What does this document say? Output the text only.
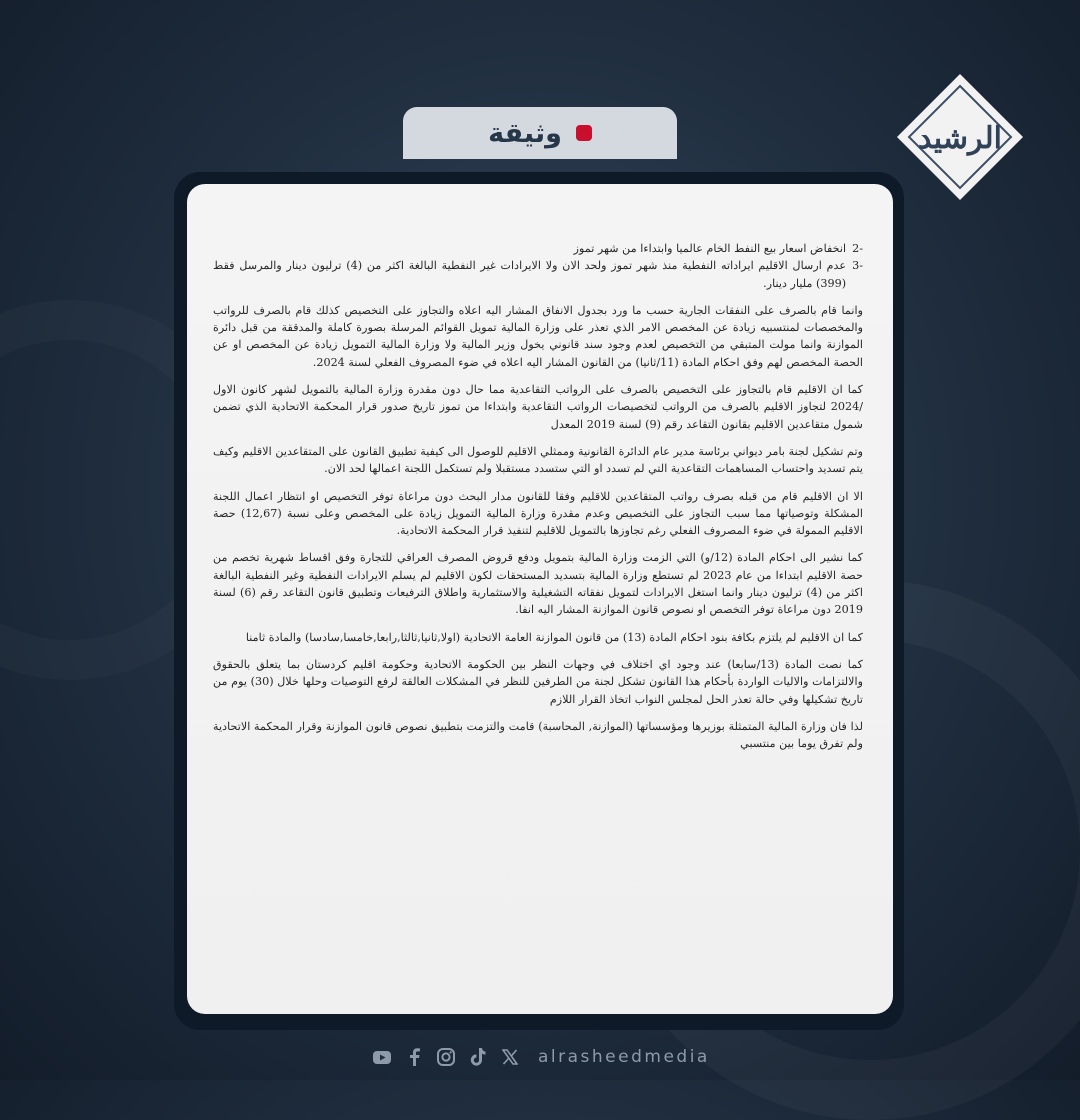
وثيقة	الرشيد
-2
انخفاض اسعار بيع النفط الخام عالميا وابتداءا من شهر تموز
-3
عدم ارسال الاقليم ايراداته النفطية منذ شهر تموز ولحد الان ولا الايرادات غير النفطية البالغة اكثر من (4) ترليون دينار والمرسل فقط (399) مليار دينار.

وانما قام بالصرف على النفقات الجارية حسب ما ورد بجدول الانفاق المشار اليه اعلاه والتجاوز على التخصيص كذلك قام بالصرف للرواتب والمخصصات لمنتسبيه زيادة عن المخصص الامر الذي تعذر على وزارة المالية تمويل القوائم المرسلة بصورة كاملة والمدققة من قبل دائرة الموازنة وانما مولت المتبقي من التخصيص لعدم وجود سند قانوني يخول وزير المالية ولا وزارة المالية التمويل زيادة عن المخصص او عن الحصة المخصص لهم وفق احكام المادة (11/ثانيا) من القانون المشار اليه اعلاه في ضوء المصروف الفعلي لسنة 2024.

كما ان الاقليم قام بالتجاوز على التخصيص بالصرف على الرواتب التقاعدية مما حال دون مقدرة وزارة المالية بالتمويل لشهر كانون الاول /2024 لتجاوز الاقليم بالصرف من الرواتب لتخصيصات الرواتب التقاعدية وابتداءا من تموز تاريخ صدور قرار المحكمة الاتحادية الذي تضمن شمول متقاعدين الاقليم بقانون التقاعد رقم (9) لسنة 2019 المعدل

وتم تشكيل لجنة بامر ديواني برئاسة مدير عام الدائرة القانونية وممثلي الاقليم للوصول الى كيفية تطبيق القانون على المتقاعدين الاقليم وكيف يتم تسديد واحتساب المساهمات التقاعدية التي لم تسدد او التي ستسدد مستقبلا ولم تستكمل اللجنة اعمالها لحد الان.

الا ان الاقليم قام من قبله بصرف رواتب المتقاعدين للاقليم وفقا للقانون مدار البحث دون مراعاة توفر التخصيص او انتظار اعمال اللجنة المشكلة وتوصياتها مما سبب التجاوز على التخصيص وعدم مقدرة وزارة المالية التمويل زيادة على المخصص وعلى نسبة (12,67) حصة الاقليم الممولة في ضوء المصروف الفعلي رغم تجاوزها بالتمويل للاقليم لتنفيذ قرار المحكمة الاتحادية.

كما نشير الى احكام المادة (12/و) التي الزمت وزارة المالية بتمويل ودفع قروض المصرف العراقي للتجارة وفق اقساط شهرية تخصم من حصة الاقليم ابتداءا من عام 2023 لم تستطع وزارة المالية بتسديد المستحقات لكون الاقليم لم يسلم الايرادات النفطية وغير النفطية البالغة اكثر من (4) ترليون دينار وانما استغل الايرادات لتمويل نفقاته التشغيلية والاستثمارية واطلاق الترفيعات وتطبيق قانون التقاعد رقم (6) لسنة 2019 دون مراعاة توفر التخصص او نصوص قانون الموازنة المشار اليه انفا.

كما ان الاقليم لم يلتزم بكافة بنود احكام المادة (13) من قانون الموازنة العامة الاتحادية (اولا,ثانيا,ثالثا,رابعا,خامسا,سادسا) والمادة ثامنا

كما نصت المادة (13/سابعا) عند وجود اي اختلاف في وجهات النظر بين الحكومة الاتحادية وحكومة اقليم كردستان بما يتعلق بالحقوق والالتزامات والاليات الواردة بأحكام هذا القانون تشكل لجنة من الطرفين للنظر في المشكلات العالقة لرفع التوصيات وحلها خلال (30) يوم من تاريخ تشكيلها وفي حالة تعذر الحل لمجلس النواب اتخاذ القرار اللازم

لذا فان وزارة المالية المتمثلة بوزيرها ومؤسساتها (الموازنة, المحاسبة) قامت والتزمت بتطبيق نصوص قانون الموازنة وقرار المحكمة الاتحادية ولم تفرق يوما بين منتسبي

alrasheedmedia
